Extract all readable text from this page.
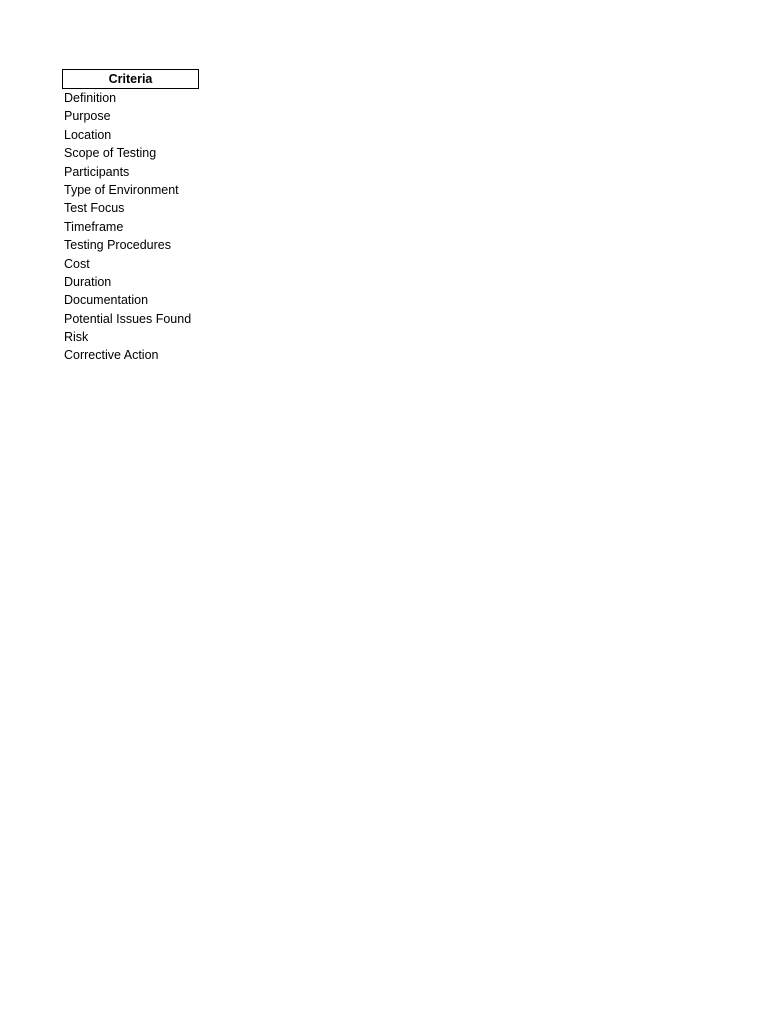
Criteria
Definition
Purpose
Location
Scope of Testing
Participants
Type of Environment
Test Focus
Timeframe
Testing Procedures
Cost
Duration
Documentation
Potential Issues Found
Risk
Corrective Action
